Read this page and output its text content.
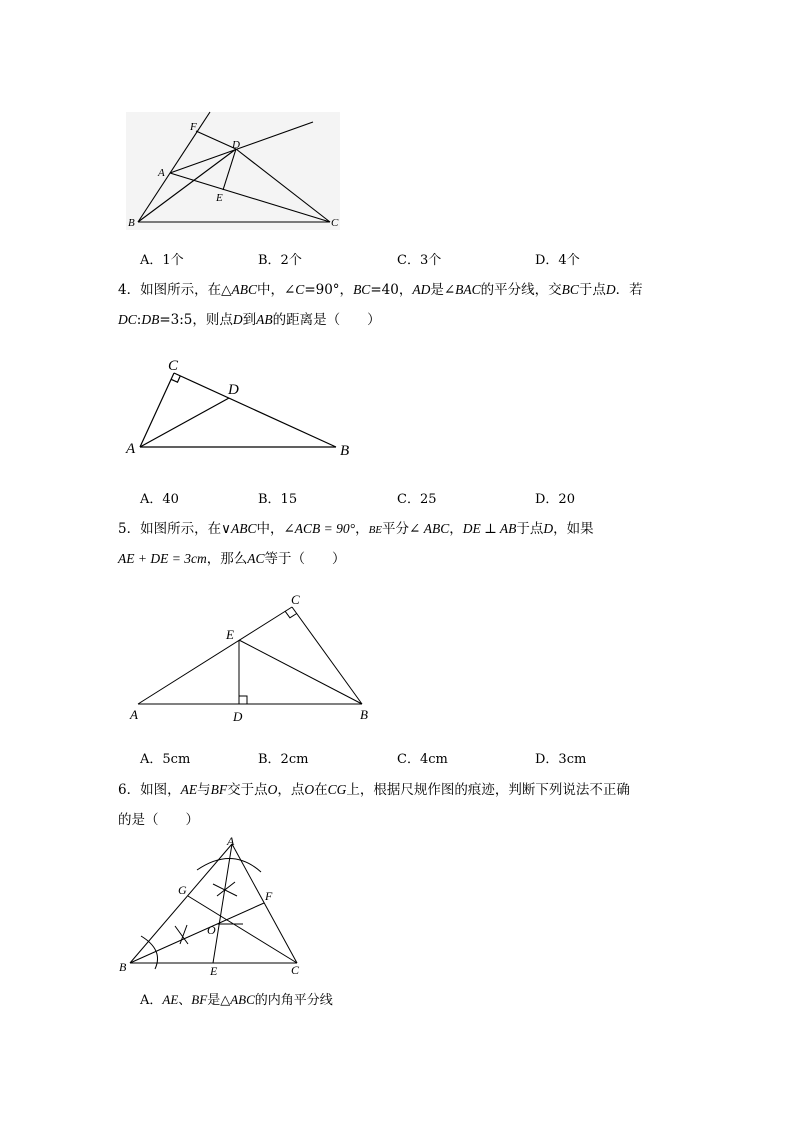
F
D
A
E
B	C
A．1个	B．2个	C．3个	D．4个
4．如图所示，在△ABC中，∠C=90°，BC=40，AD是∠BAC的平分线，交BC于点D．若
DC:DB=3:5，则点D到AB的距离是（　　）
C
D
A	B
A．40	B．15	C．25	D．20
5．如图所示，在∨ABC中，∠ACB = 90°，BE平分∠ ABC，DE ⊥ AB于点D，如果
AE + DE = 3cm，那么AC等于（　　）
C
E
A	D	B
A．5cm	B．2cm	C．4cm	D．3cm
6．如图，AE与BF交于点O，点O在CG上，根据尺规作图的痕迹，判断下列说法不正确
的是（　　）
A
G	F
O
B	E	C
A．AE、BF是△ABC的内角平分线
